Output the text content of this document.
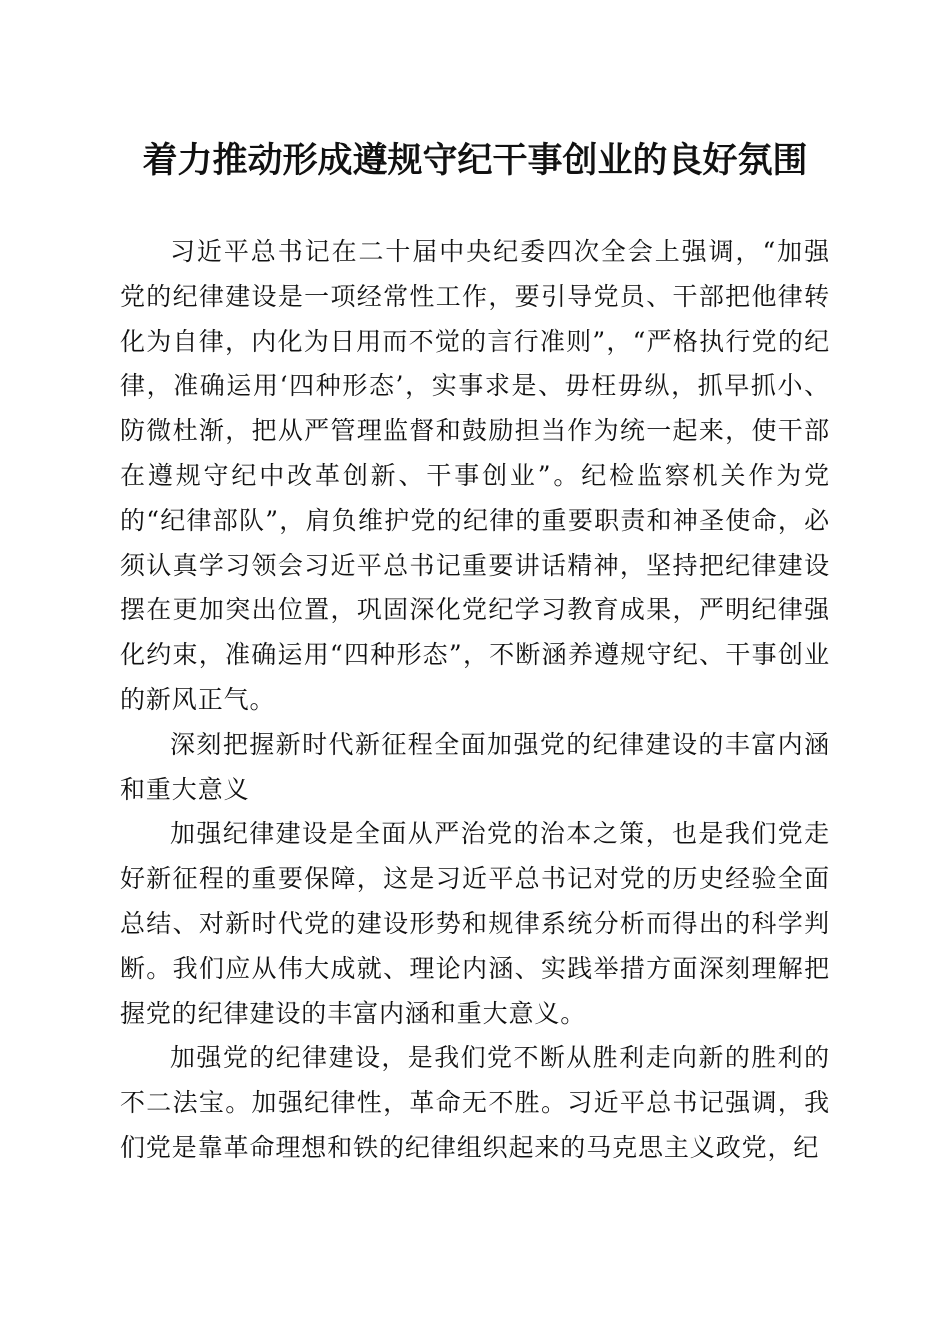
着力推动形成遵规守纪干事创业的良好氛围

习近平总书记在二十届中央纪委四次全会上强调，“加强党的纪律建设是一项经常性工作，要引导党员、干部把他律转化为自律，内化为日用而不觉的言行准则”，“严格执行党的纪律，准确运用‘四种形态’，实事求是、毋枉毋纵，抓早抓小、防微杜渐，把从严管理监督和鼓励担当作为统一起来，使干部在遵规守纪中改革创新、干事创业”。纪检监察机关作为党的“纪律部队”，肩负维护党的纪律的重要职责和神圣使命，必须认真学习领会习近平总书记重要讲话精神，坚持把纪律建设摆在更加突出位置，巩固深化党纪学习教育成果，严明纪律强化约束，准确运用“四种形态”，不断涵养遵规守纪、干事创业的新风正气。

深刻把握新时代新征程全面加强党的纪律建设的丰富内涵和重大意义

加强纪律建设是全面从严治党的治本之策，也是我们党走好新征程的重要保障，这是习近平总书记对党的历史经验全面总结、对新时代党的建设形势和规律系统分析而得出的科学判断。我们应从伟大成就、理论内涵、实践举措方面深刻理解把握党的纪律建设的丰富内涵和重大意义。

加强党的纪律建设，是我们党不断从胜利走向新的胜利的不二法宝。加强纪律性，革命无不胜。习近平总书记强调，我们党是靠革命理想和铁的纪律组织起来的马克思主义政党，纪
